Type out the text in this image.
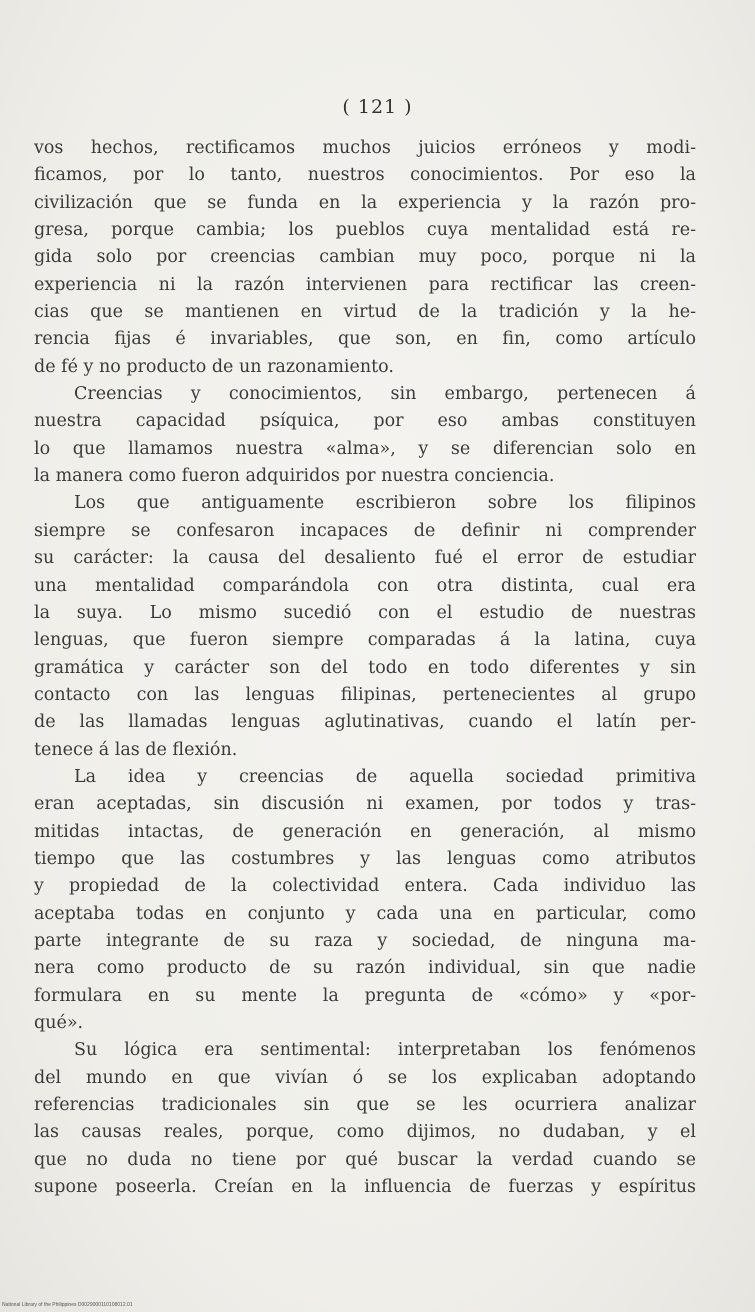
( 121 )
vos hechos, rectificamos muchos juicios erróneos y modi-
ficamos, por lo tanto, nuestros conocimientos. Por eso la
civilización que se funda en la experiencia y la razón pro-
gresa, porque cambia; los pueblos cuya mentalidad está re-
gida solo por creencias cambian muy poco, porque ni la
experiencia ni la razón intervienen para rectificar las creen-
cias que se mantienen en virtud de la tradición y la he-
rencia fijas é invariables, que son, en fin, como artículo
de fé y no producto de un razonamiento.
Creencias y conocimientos, sin embargo, pertenecen á
nuestra capacidad psíquica, por eso ambas constituyen
lo que llamamos nuestra «alma», y se diferencian solo en
la manera como fueron adquiridos por nuestra conciencia.
Los que antiguamente escribieron sobre los filipinos
siempre se confesaron incapaces de definir ni comprender
su carácter: la causa del desaliento fué el error de estudiar
una mentalidad comparándola con otra distinta, cual era
la suya. Lo mismo sucedió con el estudio de nuestras
lenguas, que fueron siempre comparadas á la latina, cuya
gramática y carácter son del todo en todo diferentes y sin
contacto con las lenguas filipinas, pertenecientes al grupo
de las llamadas lenguas aglutinativas, cuando el latín per-
tenece á las de flexión.
La idea y creencias de aquella sociedad primitiva
eran aceptadas, sin discusión ni examen, por todos y tras-
mitidas intactas, de generación en generación, al mismo
tiempo que las costumbres y las lenguas como atributos
y propiedad de la colectividad entera. Cada individuo las
aceptaba todas en conjunto y cada una en particular, como
parte integrante de su raza y sociedad, de ninguna ma-
nera como producto de su razón individual, sin que nadie
formulara en su mente la pregunta de «cómo» y «por-
qué».
Su lógica era sentimental: interpretaban los fenómenos
del mundo en que vivían ó se los explicaban adoptando
referencias tradicionales sin que se les ocurriera analizar
las causas reales, porque, como dijimos, no dudaban, y el
que no duda no tiene por qué buscar la verdad cuando se
supone poseerla. Creían en la influencia de fuerzas y espíritus
National Library of the Philippines D0029000110108012.01
